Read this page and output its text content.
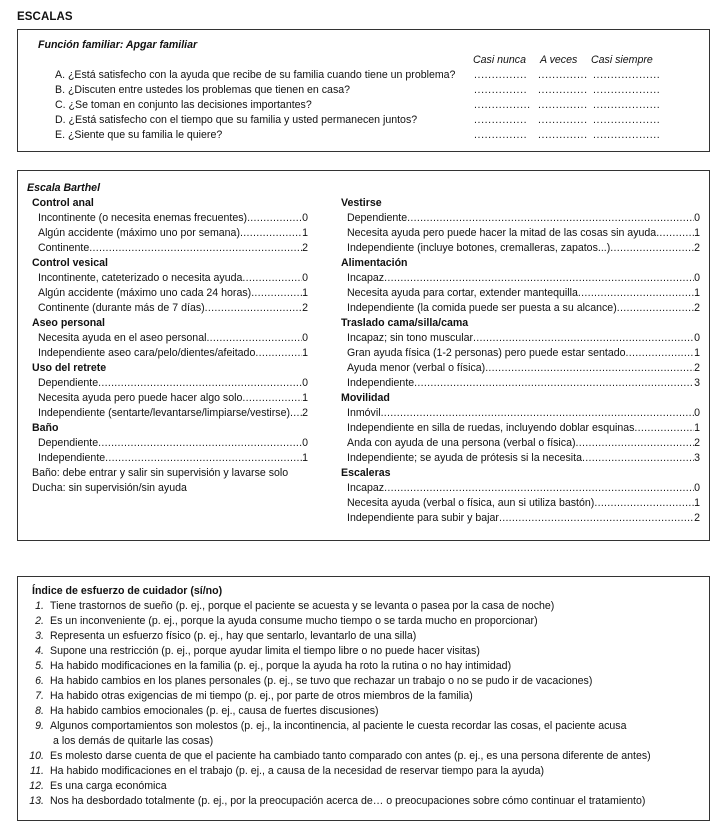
ESCALAS
Función familiar: Apgar familiar
Casi nunca A veces Casi siempre
A. ¿Está satisfecho con la ayuda que recibe de su familia cuando tiene un problema? ............... .............. ...................
B. ¿Discuten entre ustedes los problemas que tienen en casa?	............... .............. ...................
C. ¿Se toman en conjunto las decisiones importantes?	................ .............. ...................
D. ¿Está satisfecho con el tiempo que su familia y usted permanecen juntos?	............... .............. ...................
E. ¿Siente que su familia le quiere?	............... .............. ...................
Escala Barthel
Control anal
Incontinente (o necesita enemas frecuentes) .....	0
Algún accidente (máximo uno por semana) .....	1
Continente .....	2
Control vesical
Incontinente, cateterizado o necesita ayuda .....	0
Algún accidente (máximo uno cada 24 horas) .....	1
Continente (durante más de 7 días) .....	2
Aseo personal
Necesita ayuda en el aseo personal .....	0
Independiente aseo cara/pelo/dientes/afeitado .....	1
Uso del retrete
Dependiente .....	0
Necesita ayuda pero puede hacer algo solo .....	1
Independiente (sentarte/levantarse/limpiarse/vestirse) ..... 2
Baño
Dependiente .....	0
Independiente .....	1
Baño: debe entrar y salir sin supervisión y lavarse solo
Ducha: sin supervisión/sin ayuda
Vestirse
Dependiente .....	0
Necesita ayuda pero puede hacer la mitad de las cosas sin ayuda .....	1
Independiente (incluye botones, cremalleras, zapatos...) .....	2
Alimentación
Incapaz .....	0
Necesita ayuda para cortar, extender mantequilla .....	1
Independiente (la comida puede ser puesta a su alcance) .....	2
Traslado cama/silla/cama
Incapaz; sin tono muscular .....	0
Gran ayuda física (1-2 personas) pero puede estar sentado .....	1
Ayuda menor (verbal o física) .....	2
Independiente .....	3
Movilidad
Inmóvil .....	0
Independiente en silla de ruedas, incluyendo doblar esquinas .....	1
Anda con ayuda de una persona (verbal o física) .....	2
Independiente; se ayuda de prótesis si la necesita .....	3
Escaleras
Incapaz .....	0
Necesita ayuda (verbal o física, aun si utiliza bastón) .....	1
Independiente para subir y bajar .....	2
Índice de esfuerzo de cuidador (sí/no)
1. Tiene trastornos de sueño (p. ej., porque el paciente se acuesta y se levanta o pasea por la casa de noche)
2. Es un inconveniente (p. ej., porque la ayuda consume mucho tiempo o se tarda mucho en proporcionar)
3. Representa un esfuerzo físico (p. ej., hay que sentarlo, levantarlo de una silla)
4. Supone una restricción (p. ej., porque ayudar limita el tiempo libre o no puede hacer visitas)
5. Ha habido modificaciones en la familia (p. ej., porque la ayuda ha roto la rutina o no hay intimidad)
6. Ha habido cambios en los planes personales (p. ej., se tuvo que rechazar un trabajo o no se pudo ir de vacaciones)
7. Ha habido otras exigencias de mi tiempo (p. ej., por parte de otros miembros de la familia)
8. Ha habido cambios emocionales (p. ej., causa de fuertes discusiones)
9. Algunos comportamientos son molestos (p. ej., la incontinencia, al paciente le cuesta recordar las cosas, el paciente acusa
a los demás de quitarle las cosas)
10. Es molesto darse cuenta de que el paciente ha cambiado tanto comparado con antes (p. ej., es una persona diferente de antes)
11. Ha habido modificaciones en el trabajo (p. ej., a causa de la necesidad de reservar tiempo para la ayuda)
12. Es una carga económica
13. Nos ha desbordado totalmente (p. ej., por la preocupación acerca de… o preocupaciones sobre cómo continuar el tratamiento)
